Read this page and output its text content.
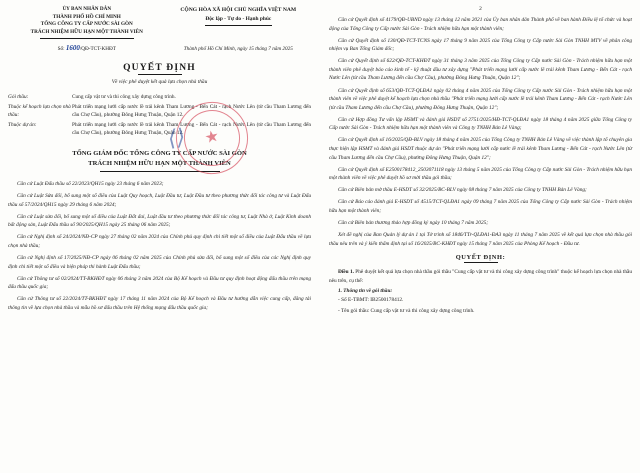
ỦY BAN NHÂN DÂN
THÀNH PHỐ HỒ CHÍ MINH
TỔNG CÔNG TY CẤP NƯỚC SÀI GÒN
TRÁCH NHIỆM HỮU HẠN MỘT THÀNH VIÊN
CỘNG HÒA XÃ HỘI CHỦ NGHĨA VIỆT NAM
Độc lập - Tự do - Hạnh phúc
Số: 1600/QĐ-TCT-KHĐT	Thành phố Hồ Chí Minh, ngày 15 tháng 7 năm 2025
QUYẾT ĐỊNH
Về việc phê duyệt kết quả lựa chọn nhà thầu
Gói thầu:	Cung cấp vật tư và thi công xây dựng công trình.
Thuộc kế hoạch lựa chọn nhà thầu:
Phát triển mạng lưới cấp nước lề trái kênh Tham Lương - Bến Cát - rạch Nước Lên (từ cầu Tham Lương đến cầu Chợ Cầu), phường Đông Hưng Thuận, Quận 12.
Thuộc dự án:	Phát triển mạng lưới cấp nước lề trái kênh Tham Lương - Bến Cát - rạch Nước Lên (từ cầu Tham Lương đến cầu Chợ Cầu), phường Đông Hưng Thuận, Quận 12.
TỔNG GIÁM ĐỐC TỔNG CÔNG TY CẤP NƯỚC SÀI GÒN
TRÁCH NHIỆM HỮU HẠN MỘT THÀNH VIÊN
Căn cứ Luật Đấu thầu số 22/2023/QH15 ngày 23 tháng 6 năm 2023;
Căn cứ Luật Sửa đổi, bổ sung một số điều của Luật Quy hoạch, Luật Đầu tư, Luật Đầu tư theo phương thức đối tác công tư và Luật Đấu thầu số 57/2024/QH15 ngày 29 tháng 6 năm 2024;
Căn cứ Luật sửa đổi, bổ sung một số điều của Luật Đất đai, Luật đầu tư theo phương thức đối tác công tư, Luật Nhà ở, Luật Kinh doanh bất động sản, Luật Đấu thầu số 90/2025/QH15 ngày 25 tháng 06 năm 2025;
Căn cứ Nghị định số 24/2024/NĐ-CP ngày 27 tháng 02 năm 2024 của Chính phủ quy định chi tiết một số điều của Luật Đấu thầu về lựa chọn nhà thầu;
Căn cứ Nghị định số 17/2025/NĐ-CP ngày 06 tháng 02 năm 2025 của Chính phủ sửa đổi, bổ sung một số điều của các Nghị định quy định chi tiết một số điều và biện pháp thi hành Luật Đấu thầu;
Căn cứ Thông tư số 02/2024/TT-BKHĐT ngày 06 tháng 3 năm 2024 của Bộ Kế hoạch và Đầu tư quy định hoạt động đấu thầu trên mạng đấu thầu quốc gia;
Căn cứ Thông tư số 22/2024/TT-BKHĐT ngày 17 tháng 11 năm 2024 của Bộ Kế hoạch và Đầu tư hướng dẫn việc cung cấp, đăng tải thông tin về lựa chọn nhà thầu và mẫu hồ sơ đấu thầu trên Hệ thống mạng đấu thầu quốc gia;
★
⟨⟩
2
Căn cứ Quyết định số 4179/QĐ-UBND ngày 13 tháng 12 năm 2021 của Ủy ban nhân dân Thành phố về ban hành Điều lệ tổ chức và hoạt động của Tổng Công ty Cấp nước Sài Gòn - Trách nhiệm hữu hạn một thành viên;
Căn cứ Quyết định số 130/QĐ-TCT-TCNS ngày 17 tháng 9 năm 2025 của Tổng Công ty Cấp nước Sài Gòn TNHH MTV về phân công nhiệm vụ Ban Tổng Giám đốc;
Căn cứ Quyết định số 622/QĐ-TCT-KHĐT ngày 31 tháng 3 năm 2025 của Tổng Công ty Cấp nước Sài Gòn - Trách nhiệm hữu hạn một thành viên phê duyệt báo cáo kinh tế - kỹ thuật đầu tư xây dựng "Phát triển mạng lưới cấp nước lề trái kênh Tham Lương - Bến Cát - rạch Nước Lên (từ cầu Tham Lương đến cầu Chợ Cầu), phường Đông Hưng Thuận, Quận 12";
Căn cứ Quyết định số 653/QĐ-TCT-QLĐA1 ngày 02 tháng 4 năm 2025 của Tổng Công ty Cấp nước Sài Gòn - Trách nhiệm hữu hạn một thành viên về việc phê duyệt kế hoạch lựa chọn nhà thầu "Phát triển mạng lưới cấp nước lề trái kênh Tham Lương - Bến Cát - rạch Nước Lên (từ cầu Tham Lương đến cầu Chợ Cầu), phường Đông Hưng Thuận, Quận 12";
Căn cứ Hợp đồng Tư vấn lập HSMT và đánh giá HSDT số 2751/2025/HĐ-TCT-QLĐA1 ngày 18 tháng 4 năm 2025 giữa Tổng Công ty Cấp nước Sài Gòn - Trách nhiệm hữu hạn một thành viên và Công ty TNHH Bản Lê Vàng;
Căn cứ Quyết định số 16/2025/QĐ-BLV ngày 18 tháng 4 năm 2025 của Tổng Công ty TNHH Bản Lê Vàng về việc thành lập tổ chuyên gia thực hiện lập HSMT và đánh giá HSDT thuộc dự án "Phát triển mạng lưới cấp nước lề trái kênh Tham Lương - Bến Cát - rạch Nước Lên (từ cầu Tham Lương đến cầu Chợ Cầu), phường Đông Hưng Thuận, Quận 12";
Căn cứ Quyết định số E2500178412_2503071118 ngày 13 tháng 5 năm 2025 của Tổng Công ty Cấp nước Sài Gòn - Trách nhiệm hữu hạn một thành viên về việc phê duyệt hồ sơ mời thầu gói thầu;
Căn cứ Biên bản mở thầu E-HSDT số 32/2025/BC-BLV ngày 08 tháng 7 năm 2025 của Công ty TNHH Bản Lê Vàng;
Căn cứ Báo cáo đánh giá E-HSDT số 4515/TCT-QLĐA1 ngày 09 tháng 7 năm 2025 của Tổng Công ty Cấp nước Sài Gòn - Trách nhiệm hữu hạn một thành viên;
Căn cứ Biên bản thương thảo hợp đồng ký ngày 10 tháng 7 năm 2025;
Xét đề nghị của Ban Quản lý dự án 1 tại Tờ trình số 1846/TTr-QLĐA1-ĐA3 ngày 11 tháng 7 năm 2025 về kết quả lựa chọn nhà thầu gói thầu nêu trên và ý kiến thẩm định tại số 16/2025/BC-KHĐT ngày 15 tháng 7 năm 2025 của Phòng Kế hoạch - Đầu tư.
QUYẾT ĐỊNH:
Điều 1. Phê duyệt kết quả lựa chọn nhà thầu gói thầu "Cung cấp vật tư và thi công xây dựng công trình" thuộc kế hoạch lựa chọn nhà thầu nêu trên, cụ thể:
1. Thông tin về gói thầu:
- Số E-TBMT: IB2500178412.
- Tên gói thầu: Cung cấp vật tư và thi công xây dựng công trình.
